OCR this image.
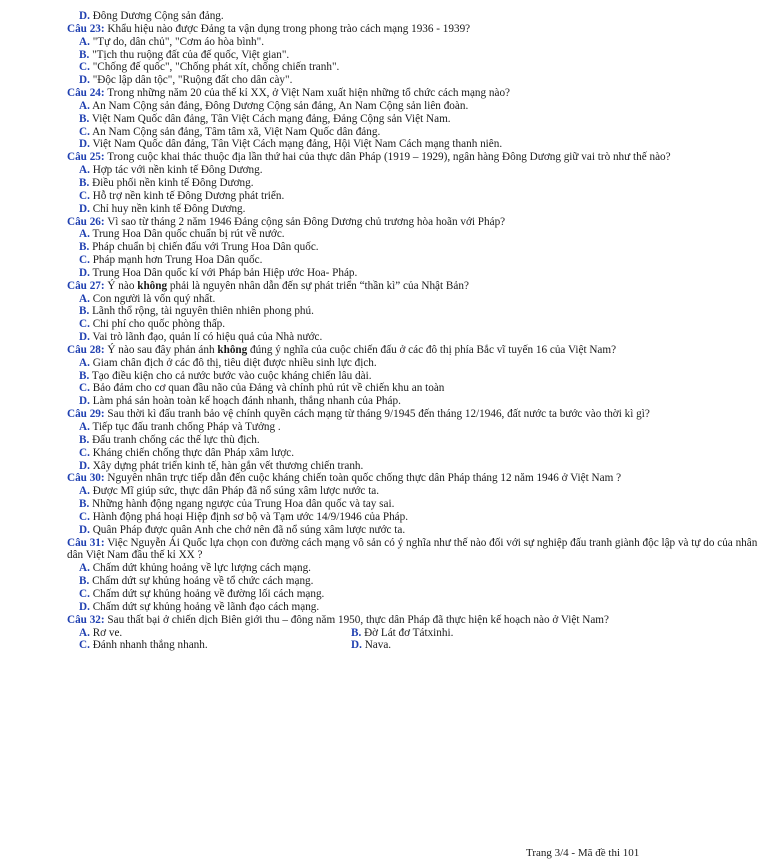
D. Đông Dương Cộng sản đảng.
Câu 23: Khẩu hiệu nào được Đảng ta vận dụng trong phong trào cách mạng 1936 - 1939?
A. "Tự do, dân chủ", "Cơm áo hòa bình".
B. "Tịch thu ruộng đất của đế quốc, Việt gian".
C. "Chống đế quốc", "Chống phát xít, chống chiến tranh".
D. "Độc lập dân tộc", "Ruộng đất cho dân cày".
Câu 24: Trong những năm 20 của thế kỉ XX, ở Việt Nam xuất hiện những tổ chức cách mạng nào?
A. An Nam Cộng sản đảng, Đông Dương Cộng sản đảng, An Nam Cộng sản liên đoàn.
B. Việt Nam Quốc dân đảng, Tân Việt Cách mạng đảng, Đảng Cộng sản Việt Nam.
C. An Nam Cộng sản đảng, Tâm tâm xã, Việt Nam Quốc dân đảng.
D. Việt Nam Quốc dân đảng, Tân Việt Cách mạng đảng, Hội Việt Nam Cách mạng thanh niên.
Câu 25: Trong cuộc khai thác thuộc địa lần thứ hai của thực dân Pháp (1919 – 1929), ngân hàng Đông Dương giữ vai trò như thế nào?
A. Hợp tác với nền kinh tế Đông Dương.
B. Điều phối nền kinh tế Đông Dương.
C. Hỗ trợ nền kinh tế Đông Dương phát triển.
D. Chỉ huy nền kinh tế Đông Dương.
Câu 26: Vì sao từ tháng 2 năm 1946 Đảng cộng sản Đông Dương chủ trương hòa hoãn với Pháp?
A. Trung Hoa Dân quốc chuẩn bị rút về nước.
B. Pháp chuẩn bị chiến đấu với Trung Hoa Dân quốc.
C. Pháp mạnh hơn Trung Hoa Dân quốc.
D. Trung Hoa Dân quốc kí với Pháp bản Hiệp ước Hoa- Pháp.
Câu 27: Ý nào không phải là nguyên nhân dẫn đến sự phát triển “thần kì” của Nhật Bản?
A. Con người là vốn quý nhất.
B. Lãnh thổ rộng, tài nguyên thiên nhiên phong phú.
C. Chi phí cho quốc phòng thấp.
D. Vai trò lãnh đạo, quản lí có hiệu quả của Nhà nước.
Câu 28: Ý nào sau đây phản ánh không đúng ý nghĩa của cuộc chiến đấu ở các đô thị phía Bắc vĩ tuyến 16 của Việt Nam?
A. Giam chân địch ở các đô thị, tiêu diệt được nhiều sinh lực địch.
B. Tạo điều kiện cho cả nước bước vào cuộc kháng chiến lâu dài.
C. Bảo đảm cho cơ quan đầu não của Đảng và chính phủ rút về chiến khu an toàn
D. Làm phá sản hoàn toàn kế hoạch đánh nhanh, thắng nhanh của Pháp.
Câu 29: Sau thời kì đấu tranh bảo vệ chính quyền cách mạng từ tháng 9/1945 đến tháng 12/1946, đất nước ta bước vào thời kì gì?
A. Tiếp tục đấu tranh chống Pháp và Tưởng .
B. Đấu tranh chống các thế lực thù địch.
C. Kháng chiến chống thực dân Pháp xâm lược.
D. Xây dựng phát triển kinh tế, hàn gắn vết thương chiến tranh.
Câu 30: Nguyên nhân trực tiếp dẫn đến cuộc kháng chiến toàn quốc chống thực dân Pháp tháng 12 năm 1946 ở Việt Nam ?
A. Được Mĩ giúp sức, thực dân Pháp đã nổ súng xâm lược nước ta.
B. Những hành động ngang ngược của Trung Hoa dân quốc và tay sai.
C. Hành động phá hoại Hiệp định sơ bộ và Tạm ước 14/9/1946 của Pháp.
D. Quân Pháp được quân Anh che chở nên đã nổ súng xâm lược nước ta.
Câu 31: Việc Nguyễn Ái Quốc lựa chọn con đường cách mạng vô sản có ý nghĩa như thế nào đối với sự nghiệp đấu tranh giành độc lập và tự do của nhân dân Việt Nam đầu thế kỉ XX ?
A. Chấm dứt khủng hoảng về lực lượng cách mạng.
B. Chấm dứt sự khủng hoảng về tổ chức cách mạng.
C. Chấm dứt sự khủng hoảng về đường lối cách mạng.
D. Chấm dứt sự khủng hoảng về lãnh đạo cách mạng.
Câu 32: Sau thất bại ở chiến dịch Biên giới thu – đông năm 1950, thực dân Pháp đã thực hiện kế hoạch nào ở Việt Nam?
A. Rơ ve.	B. Đờ Lát đơ Tátxinhi.
C. Đánh nhanh thắng nhanh.	D. Nava.
Trang 3/4 - Mã đề thi 101
